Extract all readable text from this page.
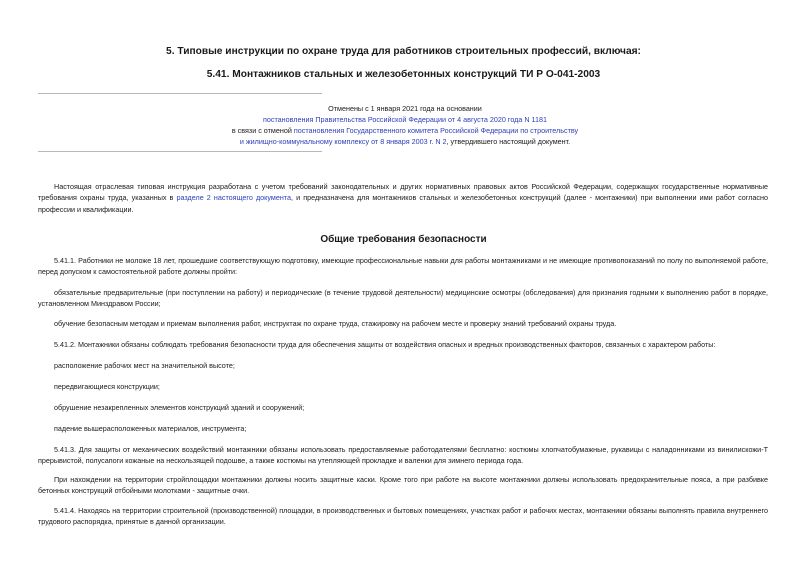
5. Типовые инструкции по охране труда для работников строительных профессий, включая:
5.41. Монтажников стальных и железобетонных конструкций ТИ Р О-041-2003
Отменены с 1 января 2021 года на основании
постановления Правительства Российской Федерации от 4 августа 2020 года N 1181
в связи с отменой постановления Государственного комитета Российской Федерации по строительству
и жилищно-коммунальному комплексу от 8 января 2003 г. N 2, утвердившего настоящий документ.
Настоящая отраслевая типовая инструкция разработана с учетом требований законодательных и других нормативных правовых актов Российской Федерации, содержащих государственные нормативные требования охраны труда, указанных в разделе 2 настоящего документа, и предназначена для монтажников стальных и железобетонных конструкций (далее - монтажники) при выполнении ими работ согласно профессии и квалификации.
Общие требования безопасности
5.41.1. Работники не моложе 18 лет, прошедшие соответствующую подготовку, имеющие профессиональные навыки для работы монтажниками и не имеющие противопоказаний по полу по выполняемой работе, перед допуском к самостоятельной работе должны пройти:
обязательные предварительные (при поступлении на работу) и периодические (в течение трудовой деятельности) медицинские осмотры (обследования) для признания годными к выполнению работ в порядке, установленном Минздравом России;
обучение безопасным методам и приемам выполнения работ, инструктаж по охране труда, стажировку на рабочем месте и проверку знаний требований охраны труда.
5.41.2. Монтажники обязаны соблюдать требования безопасности труда для обеспечения защиты от воздействия опасных и вредных производственных факторов, связанных с характером работы:
расположение рабочих мест на значительной высоте;
передвигающиеся конструкции;
обрушение незакрепленных элементов конструкций зданий и сооружений;
падение вышерасположенных материалов, инструмента;
5.41.3. Для защиты от механических воздействий монтажники обязаны использовать предоставляемые работодателями бесплатно: костюмы хлопчатобумажные, рукавицы с наладонниками из винилискожи-Т прерывистой, полусапоги кожаные на нескользящей подошве, а также костюмы на утепляющей прокладке и валенки для зимнего периода года.
При нахождении на территории стройплощадки монтажники должны носить защитные каски. Кроме того при работе на высоте монтажники должны использовать предохранительные пояса, а при разбивке бетонных конструкций отбойными молотками - защитные очки.
5.41.4. Находясь на территории строительной (производственной) площадки, в производственных и бытовых помещениях, участках работ и рабочих местах, монтажники обязаны выполнять правила внутреннего трудового распорядка, принятые в данной организации.
